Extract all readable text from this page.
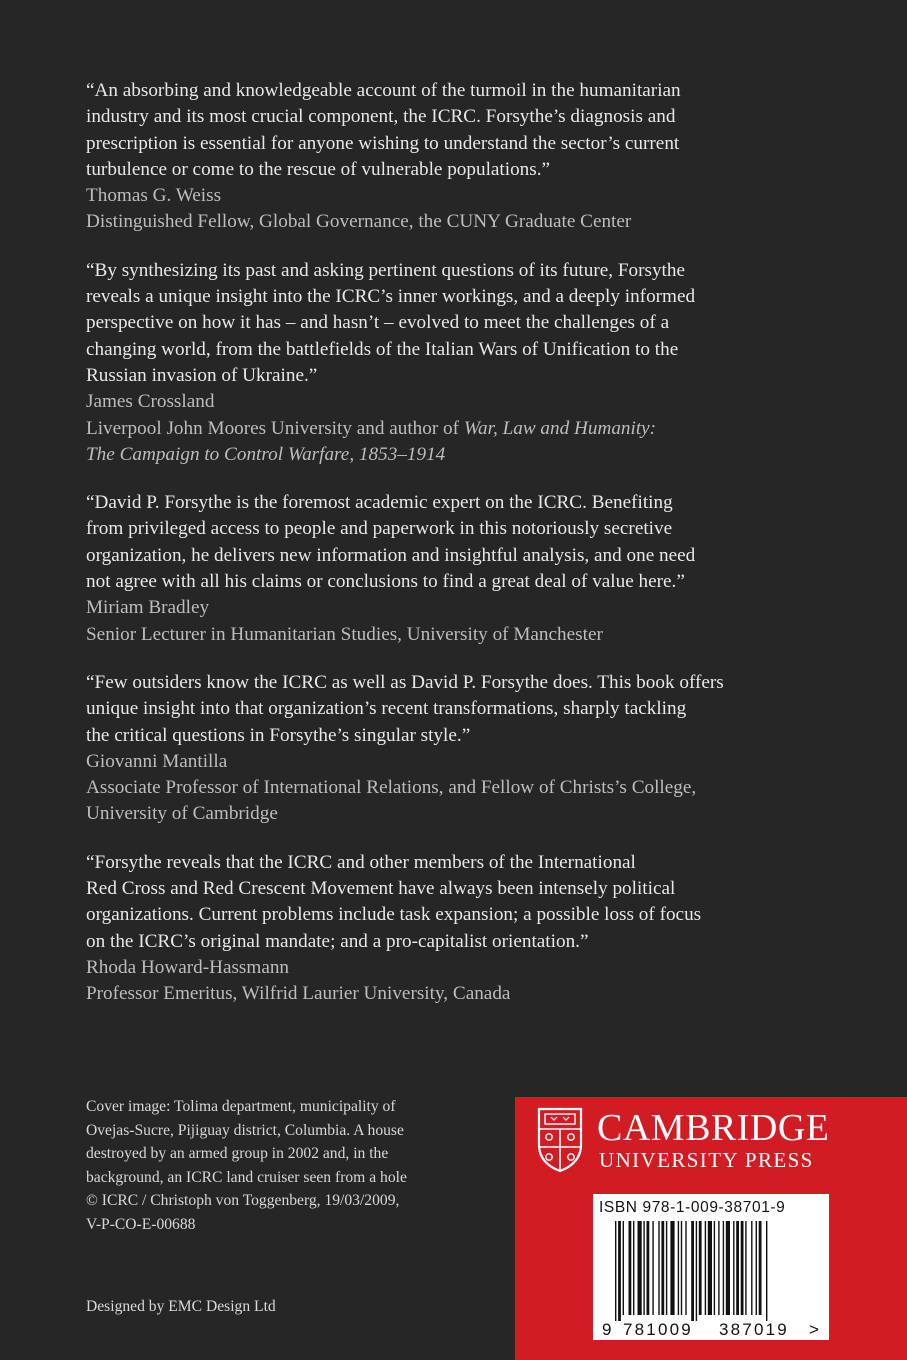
“An absorbing and knowledgeable account of the turmoil in the humanitarian
industry and its most crucial component, the ICRC. Forsythe’s diagnosis and
prescription is essential for anyone wishing to understand the sector’s current
turbulence or come to the rescue of vulnerable populations.”
Thomas G. Weiss
Distinguished Fellow, Global Governance, the CUNY Graduate Center
“By synthesizing its past and asking pertinent questions of its future, Forsythe
reveals a unique insight into the ICRC’s inner workings, and a deeply informed
perspective on how it has – and hasn’t – evolved to meet the challenges of a
changing world, from the battlefields of the Italian Wars of Unification to the
Russian invasion of Ukraine.”
James Crossland
Liverpool John Moores University and author of War, Law and Humanity:
The Campaign to Control Warfare, 1853–1914
“David P. Forsythe is the foremost academic expert on the ICRC. Benefiting
from privileged access to people and paperwork in this notoriously secretive
organization, he delivers new information and insightful analysis, and one need
not agree with all his claims or conclusions to find a great deal of value here.”
Miriam Bradley
Senior Lecturer in Humanitarian Studies, University of Manchester
“Few outsiders know the ICRC as well as David P. Forsythe does. This book offers
unique insight into that organization’s recent transformations, sharply tackling
the critical questions in Forsythe’s singular style.”
Giovanni Mantilla
Associate Professor of International Relations, and Fellow of Christs’s College,
University of Cambridge
“Forsythe reveals that the ICRC and other members of the International
Red Cross and Red Crescent Movement have always been intensely political
organizations. Current problems include task expansion; a possible loss of focus
on the ICRC’s original mandate; and a pro-capitalist orientation.”
Rhoda Howard-Hassmann
Professor Emeritus, Wilfrid Laurier University, Canada
Cover image: Tolima department, municipality of
Ovejas-Sucre, Pijiguay district, Columbia. A house
destroyed by an armed group in 2002 and, in the
background, an ICRC land cruiser seen from a hole
© ICRC / Christoph von Toggenberg, 19/03/2009,
V-P-CO-E-00688
Designed by EMC Design Ltd
CAMBRIDGE
UNIVERSITY PRESS
ISBN 978-1-009-38701-9
9 781009 387019 >
